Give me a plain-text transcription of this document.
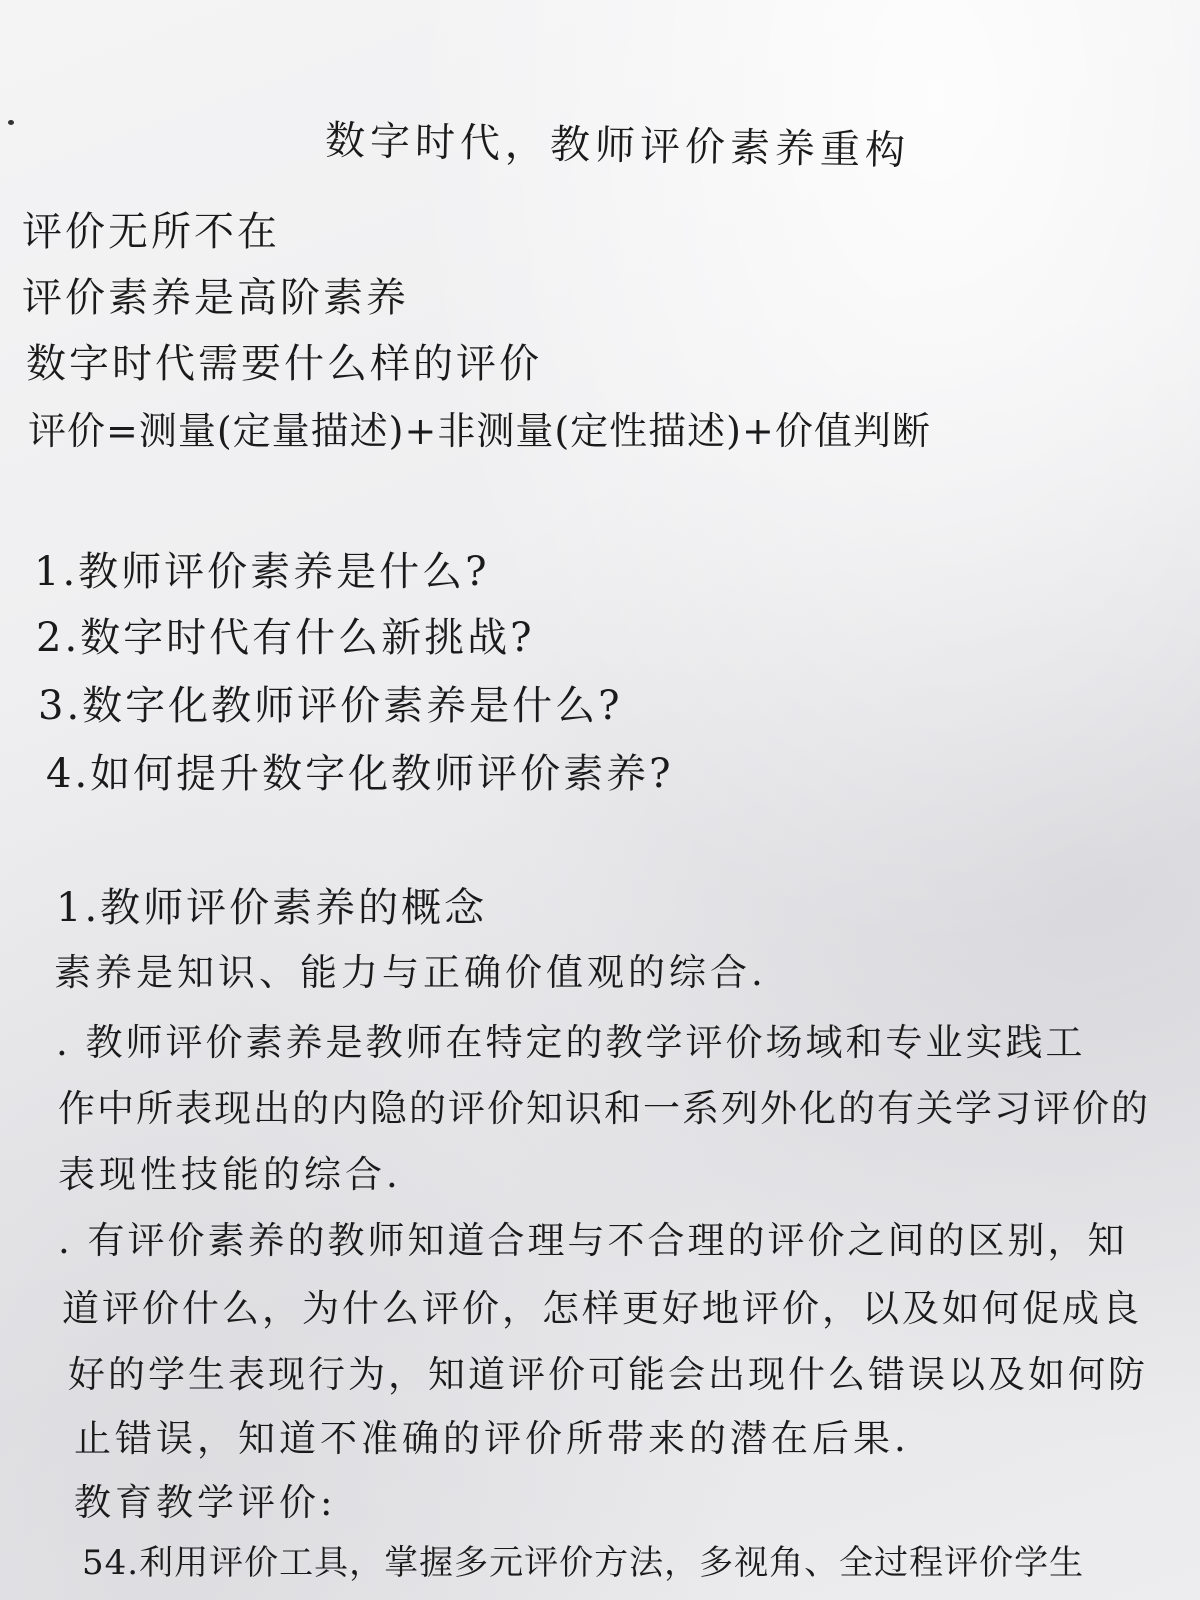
数字时代，教师评价素养重构

评价无所不在

评价素养是高阶素养

数字时代需要什么样的评价

评价=测量(定量描述)+非测量(定性描述)+价值判断

1.教师评价素养是什么?

2.数字时代有什么新挑战?

3.数字化教师评价素养是什么?

4.如何提升数字化教师评价素养?

1.教师评价素养的概念

素养是知识、能力与正确价值观的综合.

. 教师评价素养是教师在特定的教学评价场域和专业实践工

作中所表现出的内隐的评价知识和一系列外化的有关学习评价的

表现性技能的综合.

. 有评价素养的教师知道合理与不合理的评价之间的区别，知

道评价什么，为什么评价，怎样更好地评价，以及如何促成良

好的学生表现行为，知道评价可能会出现什么错误以及如何防

止错误，知道不准确的评价所带来的潜在后果.

教育教学评价:

54.利用评价工具，掌握多元评价方法，多视角、全过程评价学生
